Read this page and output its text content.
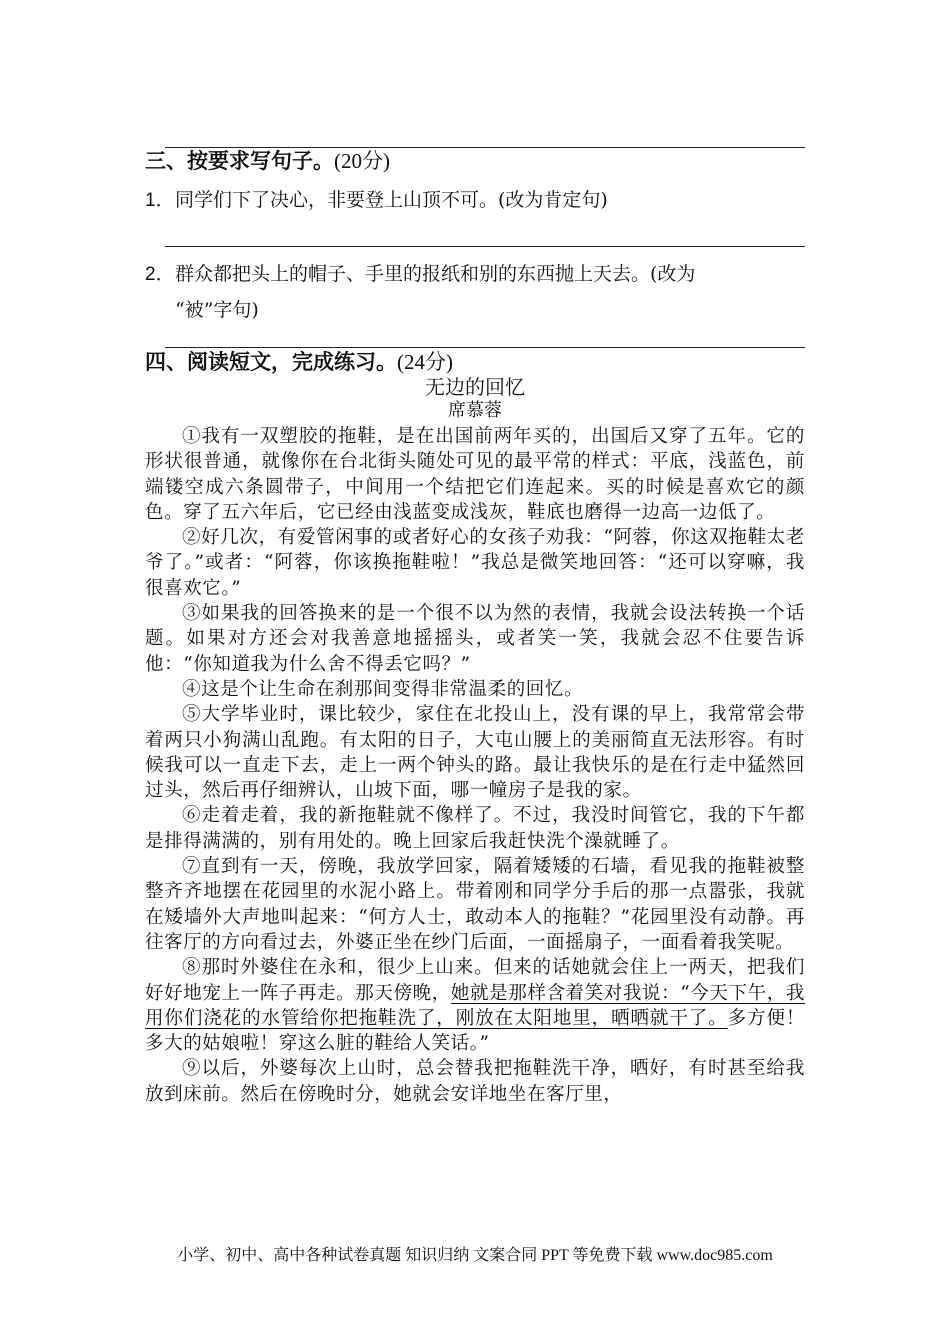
三、按要求写句子。(20分)
1．同学们下了决心，非要登上山顶不可。(改为肯定句)
2．群众都把头上的帽子、手里的报纸和别的东西抛上天去。(改为
“被”字句)
四、阅读短文，完成练习。(24分)
无边的回忆
席慕蓉

①我有一双塑胶的拖鞋，是在出国前两年买的，出国后又穿了五年。它的形状很普通，就像你在台北街头随处可见的最平常的样式：平底，浅蓝色，前端镂空成六条圆带子，中间用一个结把它们连起来。买的时候是喜欢它的颜色。穿了五六年后，它已经由浅蓝变成浅灰，鞋底也磨得一边高一边低了。

②好几次，有爱管闲事的或者好心的女孩子劝我：“阿蓉，你这双拖鞋太老爷了。”或者：“阿蓉，你该换拖鞋啦！”我总是微笑地回答：“还可以穿嘛，我很喜欢它。”

③如果我的回答换来的是一个很不以为然的表情，我就会设法转换一个话题。如果对方还会对我善意地摇摇头，或者笑一笑，我就会忍不住要告诉他：“你知道我为什么舍不得丢它吗？”

④这是个让生命在刹那间变得非常温柔的回忆。

⑤大学毕业时，课比较少，家住在北投山上，没有课的早上，我常常会带着两只小狗满山乱跑。有太阳的日子，大屯山腰上的美丽简直无法形容。有时候我可以一直走下去，走上一两个钟头的路。最让我快乐的是在行走中猛然回过头，然后再仔细辨认，山坡下面，哪一幢房子是我的家。

⑥走着走着，我的新拖鞋就不像样了。不过，我没时间管它，我的下午都是排得满满的，别有用处的。晚上回家后我赶快洗个澡就睡了。

⑦直到有一天，傍晚，我放学回家，隔着矮矮的石墙，看见我的拖鞋被整整齐齐地摆在花园里的水泥小路上。带着刚和同学分手后的那一点嚣张，我就在矮墙外大声地叫起来：“何方人士，敢动本人的拖鞋？”花园里没有动静。再往客厅的方向看过去，外婆正坐在纱门后面，一面摇扇子，一面看着我笑呢。

⑧那时外婆住在永和，很少上山来。但来的话她就会住上一两天，把我们好好地宠上一阵子再走。那天傍晚，她就是那样含着笑对我说：“今天下午，我用你们浇花的水管给你把拖鞋洗了，刚放在太阳地里，晒晒就干了。多方便！多大的姑娘啦！穿这么脏的鞋给人笑话。”

⑨以后，外婆每次上山时，总会替我把拖鞋洗干净，晒好，有时甚至给我放到床前。然后在傍晚时分，她就会安详地坐在客厅里，

小学、初中、高中各种试卷真题 知识归纳 文案合同 PPT 等免费下载 www.doc985.com
